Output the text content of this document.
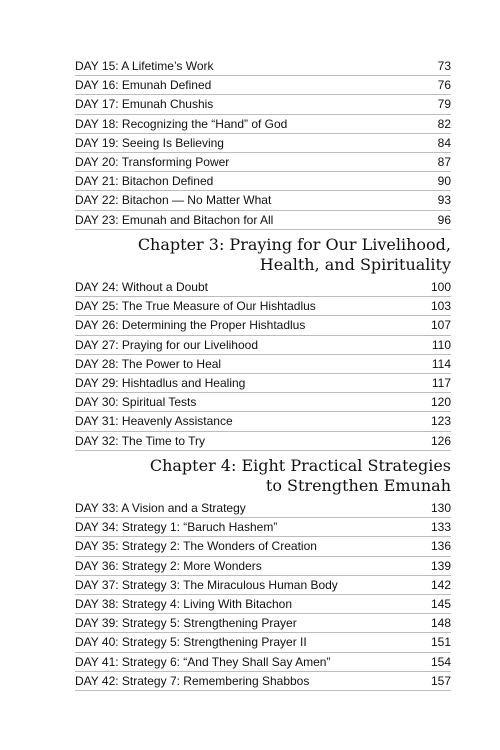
DAY 15: A Lifetime’s Work	73
DAY 16: Emunah Defined	76
DAY 17: Emunah Chushis	79
DAY 18: Recognizing the “Hand” of God	82
DAY 19: Seeing Is Believing	84
DAY 20: Transforming Power	87
DAY 21: Bitachon Defined	90
DAY 22: Bitachon — No Matter What	93
DAY 23: Emunah and Bitachon for All	96
Chapter 3: Praying for Our Livelihood,
Health, and Spirituality
DAY 24: Without a Doubt	100
DAY 25: The True Measure of Our Hishtadlus	103
DAY 26: Determining the Proper Hishtadlus	107
DAY 27: Praying for our Livelihood	110
DAY 28: The Power to Heal	114
DAY 29: Hishtadlus and Healing	117
DAY 30: Spiritual Tests	120
DAY 31: Heavenly Assistance	123
DAY 32: The Time to Try	126
Chapter 4: Eight Practical Strategies
to Strengthen Emunah
DAY 33: A Vision and a Strategy	130
DAY 34: Strategy 1: “Baruch Hashem”	133
DAY 35: Strategy 2: The Wonders of Creation	136
DAY 36: Strategy 2: More Wonders	139
DAY 37: Strategy 3: The Miraculous Human Body	142
DAY 38: Strategy 4: Living With Bitachon	145
DAY 39: Strategy 5: Strengthening Prayer	148
DAY 40: Strategy 5: Strengthening Prayer II	151
DAY 41: Strategy 6: “And They Shall Say Amen”	154
DAY 42: Strategy 7: Remembering Shabbos	157
